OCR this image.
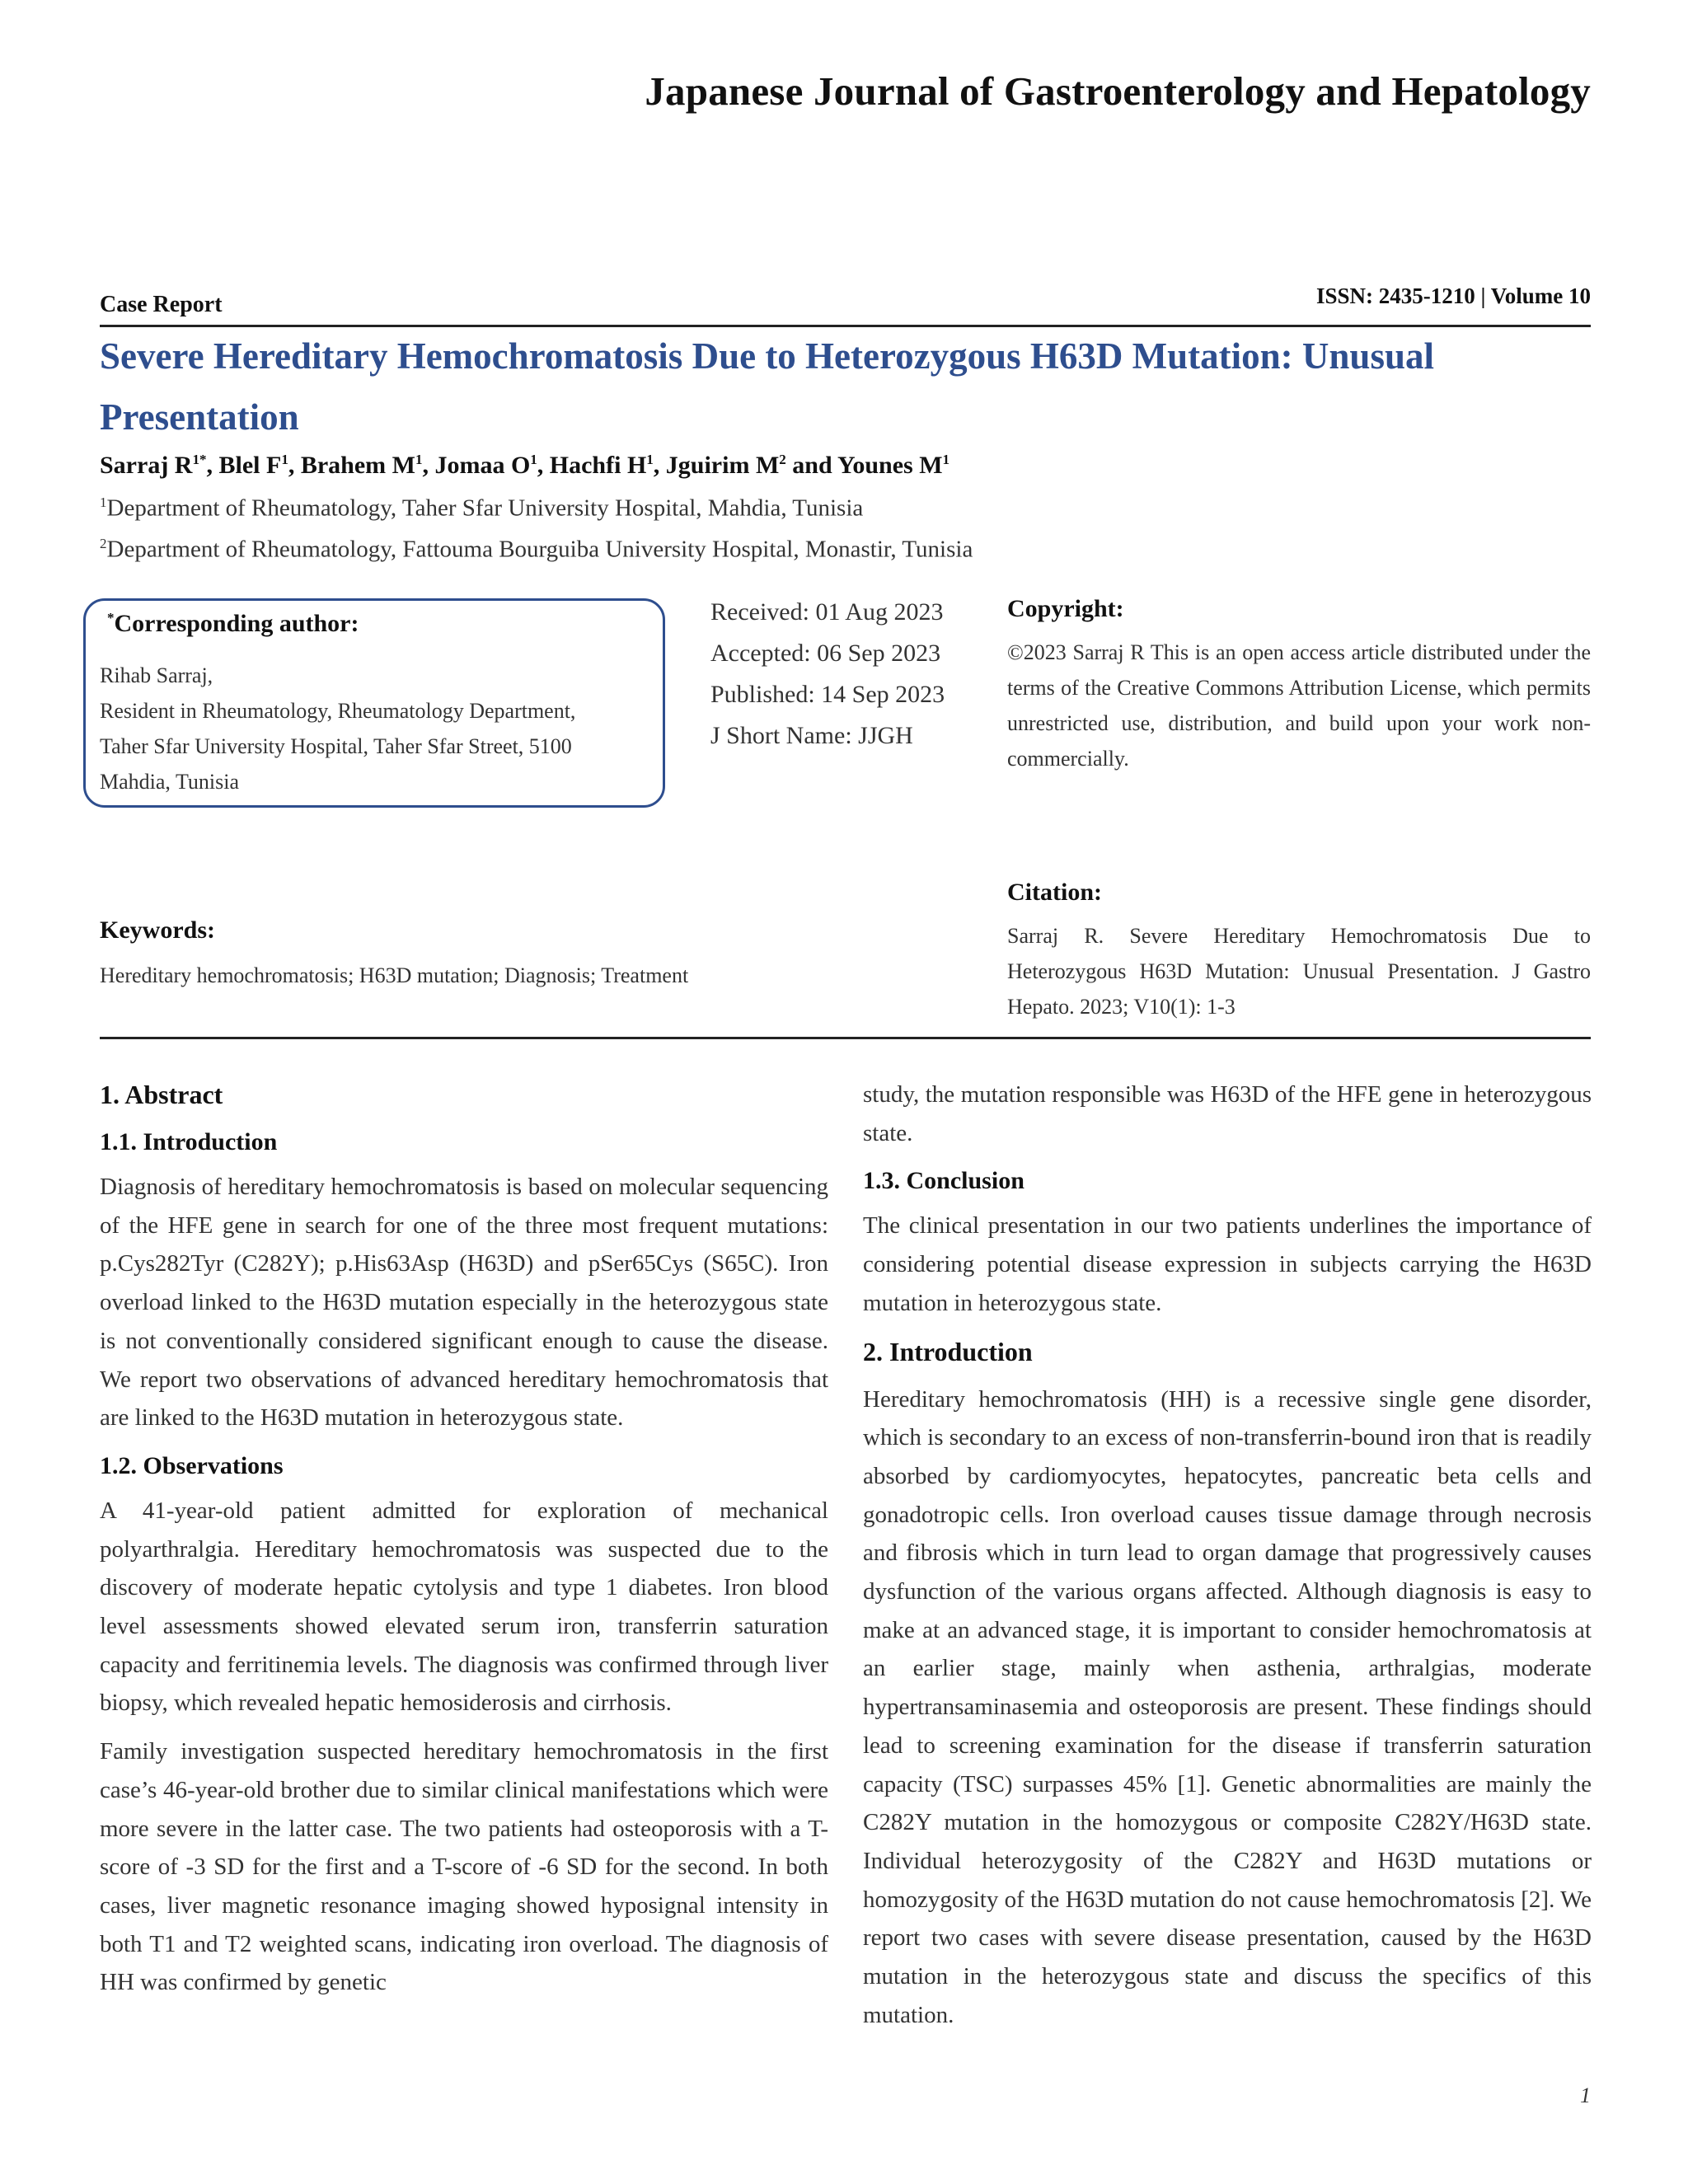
Japanese Journal of Gastroenterology and Hepatology
Case Report	ISSN: 2435-1210 | Volume 10
Severe Hereditary Hemochromatosis Due to Heterozygous H63D Mutation: Unusual Presentation
Sarraj $R^{1*}$, Blel $F^1$, Brahem $M^1$, Jomaa $O^1$, Hachfi $H^1$, Jguirim $M^2$ and Younes $M^1$
$^1$Department of Rheumatology, Taher Sfar University Hospital, Mahdia, Tunisia
$^2$Department of Rheumatology, Fattouma Bourguiba University Hospital, Monastir, Tunisia
*Corresponding author:
Rihab Sarraj,
Resident in Rheumatology, Rheumatology Department,
Taher Sfar University Hospital, Taher Sfar Street, 5100
Mahdia, Tunisia
Received: 01 Aug 2023
Accepted: 06 Sep 2023
Published: 14 Sep 2023
J Short Name: JJGH
Copyright:
©2023 Sarraj R This is an open access article distributed under the terms of the Creative Commons Attribution License, which permits unrestricted use, distribution, and build upon your work non-commercially.
Citation:
Sarraj R. Severe Hereditary Hemochromatosis Due to Heterozygous H63D Mutation: Unusual Presentation. J Gastro Hepato. 2023; V10(1): 1-3
Keywords:
Hereditary hemochromatosis; H63D mutation; Diagnosis; Treatment
1. Abstract
1.1. Introduction
Diagnosis of hereditary hemochromatosis is based on molecular sequencing of the HFE gene in search for one of the three most frequent mutations: p.Cys282Tyr (C282Y); p.His63Asp (H63D) and pSer65Cys (S65C). Iron overload linked to the H63D mutation especially in the heterozygous state is not conventionally considered significant enough to cause the disease. We report two observations of advanced hereditary hemochromatosis that are linked to the H63D mutation in heterozygous state.
1.2. Observations
A 41-year-old patient admitted for exploration of mechanical polyarthralgia. Hereditary hemochromatosis was suspected due to the discovery of moderate hepatic cytolysis and type 1 diabetes. Iron blood level assessments showed elevated serum iron, transferrin saturation capacity and ferritinemia levels. The diagnosis was confirmed through liver biopsy, which revealed hepatic hemosiderosis and cirrhosis.
Family investigation suspected hereditary hemochromatosis in the first case’s 46-year-old brother due to similar clinical manifestations which were more severe in the latter case. The two patients had osteoporosis with a T-score of -3 SD for the first and a T-score of -6 SD for the second. In both cases, liver magnetic resonance imaging showed hyposignal intensity in both T1 and T2 weighted scans, indicating iron overload. The diagnosis of HH was confirmed by genetic
study, the mutation responsible was H63D of the HFE gene in heterozygous state.
1.3. Conclusion
The clinical presentation in our two patients underlines the importance of considering potential disease expression in subjects carrying the H63D mutation in heterozygous state.
2. Introduction
Hereditary hemochromatosis (HH) is a recessive single gene disorder, which is secondary to an excess of non-transferrin-bound iron that is readily absorbed by cardiomyocytes, hepatocytes, pancreatic beta cells and gonadotropic cells. Iron overload causes tissue damage through necrosis and fibrosis which in turn lead to organ damage that progressively causes dysfunction of the various organs affected. Although diagnosis is easy to make at an advanced stage, it is important to consider hemochromatosis at an earlier stage, mainly when asthenia, arthralgias, moderate hypertransaminasemia and osteoporosis are present. These findings should lead to screening examination for the disease if transferrin saturation capacity (TSC) surpasses 45% [1]. Genetic abnormalities are mainly the C282Y mutation in the homozygous or composite C282Y/H63D state. Individual heterozygosity of the C282Y and H63D mutations or homozygosity of the H63D mutation do not cause hemochromatosis [2]. We report two cases with severe disease presentation, caused by the H63D mutation in the heterozygous state and discuss the specifics of this mutation.
1
